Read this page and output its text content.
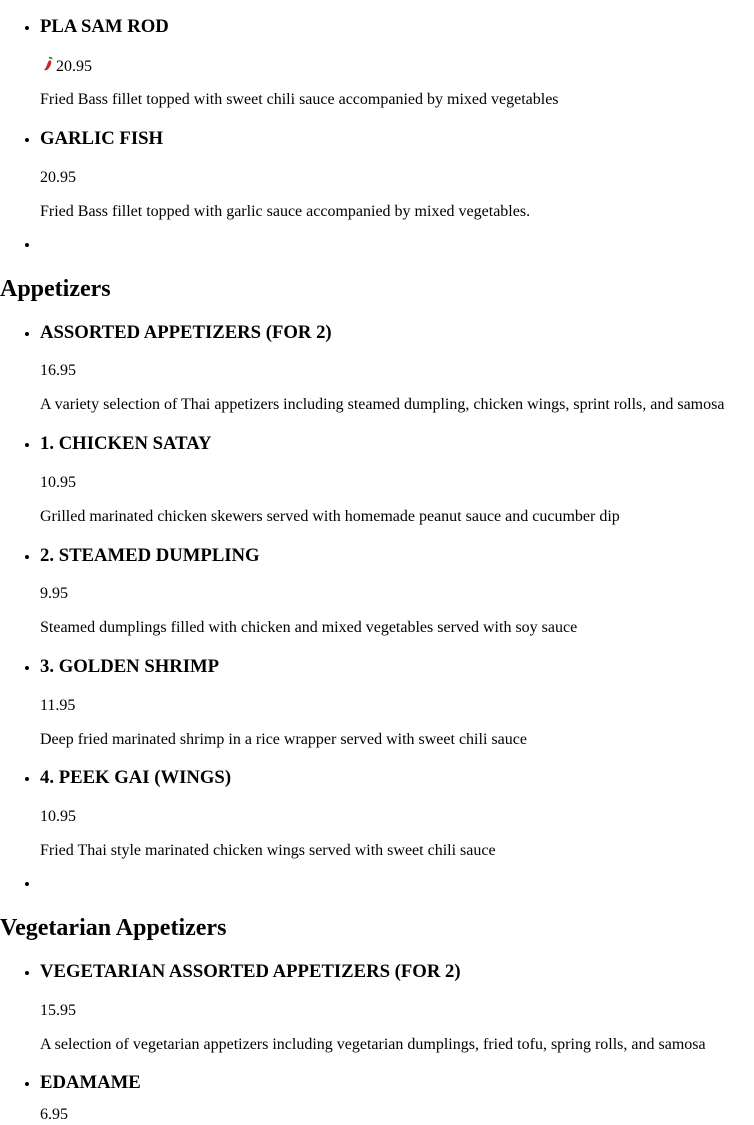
• PLA SAM ROD
20.95
Fried Bass fillet topped with sweet chili sauce accompanied by mixed vegetables
• GARLIC FISH
20.95
Fried Bass fillet topped with garlic sauce accompanied by mixed vegetables.
Appetizers
• ASSORTED APPETIZERS (FOR 2)
16.95
A variety selection of Thai appetizers including steamed dumpling, chicken wings, sprint rolls, and samosa
• 1. CHICKEN SATAY
10.95
Grilled marinated chicken skewers served with homemade peanut sauce and cucumber dip
• 2. STEAMED DUMPLING
9.95
Steamed dumplings filled with chicken and mixed vegetables served with soy sauce
• 3. GOLDEN SHRIMP
11.95
Deep fried marinated shrimp in a rice wrapper served with sweet chili sauce
• 4. PEEK GAI (WINGS)
10.95
Fried Thai style marinated chicken wings served with sweet chili sauce
Vegetarian Appetizers
• VEGETARIAN ASSORTED APPETIZERS (FOR 2)
15.95
A selection of vegetarian appetizers including vegetarian dumplings, fried tofu, spring rolls, and samosa
• EDAMAME
6.95
